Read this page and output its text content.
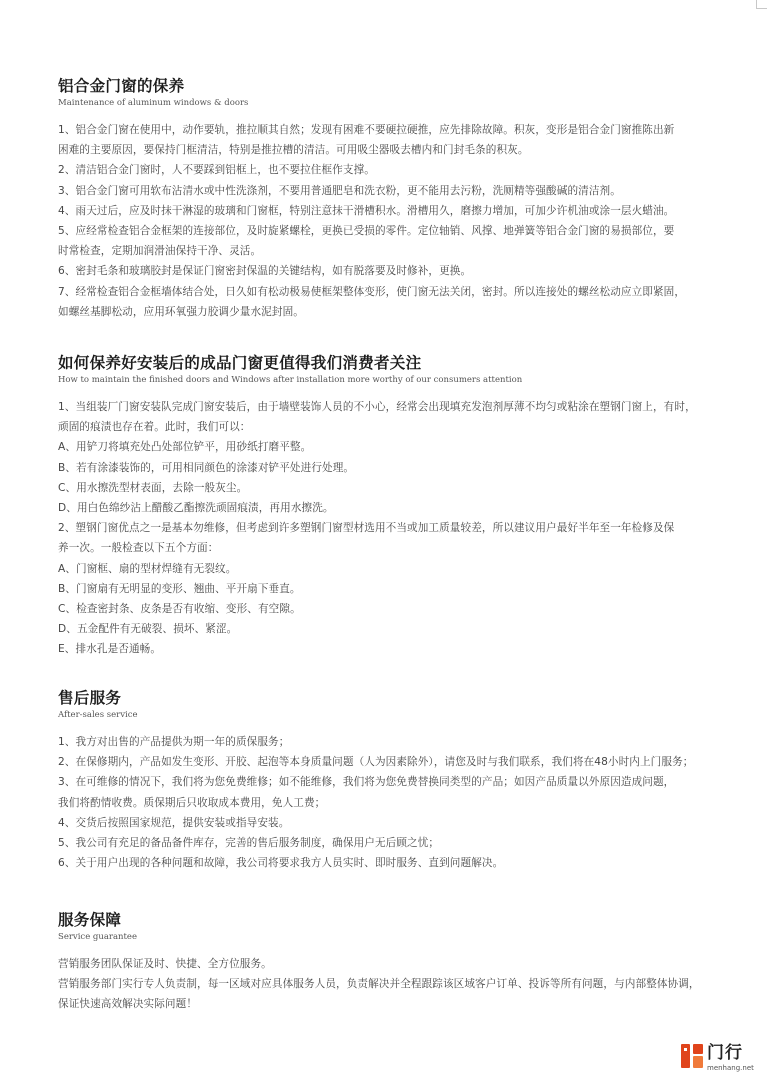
铝合金门窗的保养
Maintenance of aluminum windows & doors

1、铝合金门窗在使用中，动作要轨，推拉顺其自然；发现有困难不要硬拉硬推，应先排除故障。积灰，变形是铝合金门窗推陈出新

困难的主要原因，要保持门框清洁，特别是推拉槽的清洁。可用吸尘器吸去槽内和门封毛条的积灰。

2、清洁铝合金门窗时，人不要踩到铝框上，也不要拉住框作支撑。

3、铝合金门窗可用软布沾清水或中性洗涤剂，不要用普通肥皂和洗衣粉，更不能用去污粉，洗厕精等强酸碱的清洁剂。

4、雨天过后，应及时抹干淋湿的玻璃和门窗框，特别注意抹干滑槽积水。滑槽用久，磨擦力增加，可加少许机油或涂一层火蜡油。

5、应经常检查铝合金框架的连接部位，及时旋紧螺栓，更换已受损的零件。定位轴销、风撑、地弹簧等铝合金门窗的易损部位，要

时常检查，定期加润滑油保持干净、灵活。

6、密封毛条和玻璃胶封是保证门窗密封保温的关键结构，如有脱落要及时修补，更换。

7、经常检查铝合金框墙体结合处，日久如有松动极易使框架整体变形，使门窗无法关闭，密封。所以连接处的螺丝松动应立即紧固，

如螺丝基脚松动，应用环氧强力胶调少量水泥封固。

如何保养好安装后的成品门窗更值得我们消费者关注
How to maintain the finished doors and Windows after installation more worthy of our consumers attention

1、当组装厂门窗安装队完成门窗安装后，由于墙壁装饰人员的不小心，经常会出现填充发泡剂厚薄不均匀或粘涂在塑钢门窗上，有时，

顽固的痕渍也存在着。此时，我们可以：

A、用铲刀将填充处凸处部位铲平，用砂纸打磨平整。

B、若有涂漆装饰的，可用相同颜色的涂漆对铲平处进行处理。

C、用水擦洗型材表面，去除一般灰尘。

D、用白色绵纱沾上醋酸乙酯擦洗顽固痕渍，再用水擦洗。

2、塑钢门窗优点之一是基本勿维修，但考虑到许多塑钢门窗型材选用不当或加工质量较差，所以建议用户最好半年至一年检修及保

养一次。一般检查以下五个方面：

A、门窗框、扇的型材焊缝有无裂纹。

B、门窗扇有无明显的变形、翘曲、平开扇下垂直。

C、检查密封条、皮条是否有收缩、变形、有空隙。

D、五金配件有无破裂、损坏、紧涩。

E、排水孔是否通畅。

售后服务
After-sales service

1、我方对出售的产品提供为期一年的质保服务；

2、在保修期内，产品如发生变形、开胶、起泡等本身质量问题（人为因素除外），请您及时与我们联系，我们将在48小时内上门服务；

3、在可维修的情况下，我们将为您免费维修；如不能维修，我们将为您免费替换同类型的产品；如因产品质量以外原因造成问题，

我们将酌情收费。质保期后只收取成本费用，免人工费；

4、交货后按照国家规范，提供安装或指导安装。

5、我公司有充足的备品备件库存，完善的售后服务制度，确保用户无后顾之忧；

6、关于用户出现的各种问题和故障，我公司将要求我方人员实时、即时服务、直到问题解决。

服务保障
Service guarantee

营销服务团队保证及时、快捷、全方位服务。

营销服务部门实行专人负责制，每一区域对应具体服务人员，负责解决并全程跟踪该区域客户订单、投诉等所有问题，与内部整体协调，

保证快速高效解决实际问题！

门行
menhang.net
